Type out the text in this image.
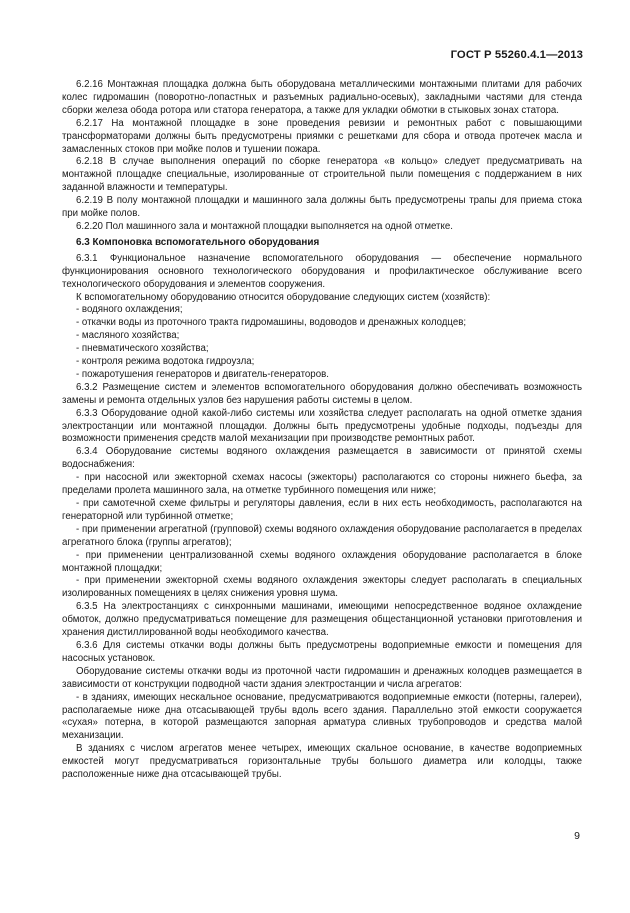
ГОСТ Р 55260.4.1—2013

6.2.16 Монтажная площадка должна быть оборудована металлическими монтажными плитами для рабочих колес гидромашин (поворотно-лопастных и разъемных радиально-осевых), закладными частями для стенда сборки железа обода ротора или статора генератора, а также для укладки обмотки в стыковых зонах статора.

6.2.17 На монтажной площадке в зоне проведения ревизии и ремонтных работ с повышающими трансформаторами должны быть предусмотрены приямки с решетками для сбора и отвода протечек масла и замасленных стоков при мойке полов и тушении пожара.

6.2.18 В случае выполнения операций по сборке генератора «в кольцо» следует предусматривать на монтажной площадке специальные, изолированные от строительной пыли помещения с поддержанием в них заданной влажности и температуры.

6.2.19 В полу монтажной площадки и машинного зала должны быть предусмотрены трапы для приема стока при мойке полов.

6.2.20 Пол машинного зала и монтажной площадки выполняется на одной отметке.

6.3 Компоновка вспомогательного оборудования

6.3.1 Функциональное назначение вспомогательного оборудования — обеспечение нормального функционирования основного технологического оборудования и профилактическое обслуживание всего технологического оборудования и элементов сооружения.

К вспомогательному оборудованию относится оборудование следующих систем (хозяйств):

- водяного охлаждения;

- откачки воды из проточного тракта гидромашины, водоводов и дренажных колодцев;

- масляного хозяйства;

- пневматического хозяйства;

- контроля режима водотока гидроузла;

- пожаротушения генераторов и двигатель-генераторов.

6.3.2 Размещение систем и элементов вспомогательного оборудования должно обеспечивать возможность замены и ремонта отдельных узлов без нарушения работы системы в целом.

6.3.3 Оборудование одной какой-либо системы или хозяйства следует располагать на одной отметке здания электростанции или монтажной площадки. Должны быть предусмотрены удобные подходы, подъезды для возможности применения средств малой механизации при производстве ремонтных работ.

6.3.4 Оборудование системы водяного охлаждения размещается в зависимости от принятой схемы водоснабжения:

- при насосной или эжекторной схемах насосы (эжекторы) располагаются со стороны нижнего бьефа, за пределами пролета машинного зала, на отметке турбинного помещения или ниже;

- при самотечной схеме фильтры и регуляторы давления, если в них есть необходимость, располагаются на генераторной или турбинной отметке;

- при применении агрегатной (групповой) схемы водяного охлаждения оборудование располагается в пределах агрегатного блока (группы агрегатов);

- при применении централизованной схемы водяного охлаждения оборудование располагается в блоке монтажной площадки;

- при применении эжекторной схемы водяного охлаждения эжекторы следует располагать в специальных изолированных помещениях в целях снижения уровня шума.

6.3.5 На электростанциях с синхронными машинами, имеющими непосредственное водяное охлаждение обмоток, должно предусматриваться помещение для размещения общестанционной установки приготовления и хранения дистиллированной воды необходимого качества.

6.3.6 Для системы откачки воды должны быть предусмотрены водоприемные емкости и помещения для насосных установок.

Оборудование системы откачки воды из проточной части гидромашин и дренажных колодцев размещается в зависимости от конструкции подводной части здания электростанции и числа агрегатов:

- в зданиях, имеющих нескальное основание, предусматриваются водоприемные емкости (потерны, галереи), располагаемые ниже дна отсасывающей трубы вдоль всего здания. Параллельно этой емкости сооружается «сухая» потерна, в которой размещаются запорная арматура сливных трубопроводов и средства малой механизации.

В зданиях с числом агрегатов менее четырех, имеющих скальное основание, в качестве водоприемных емкостей могут предусматриваться горизонтальные трубы большого диаметра или колодцы, также расположенные ниже дна отсасывающей трубы.

9
